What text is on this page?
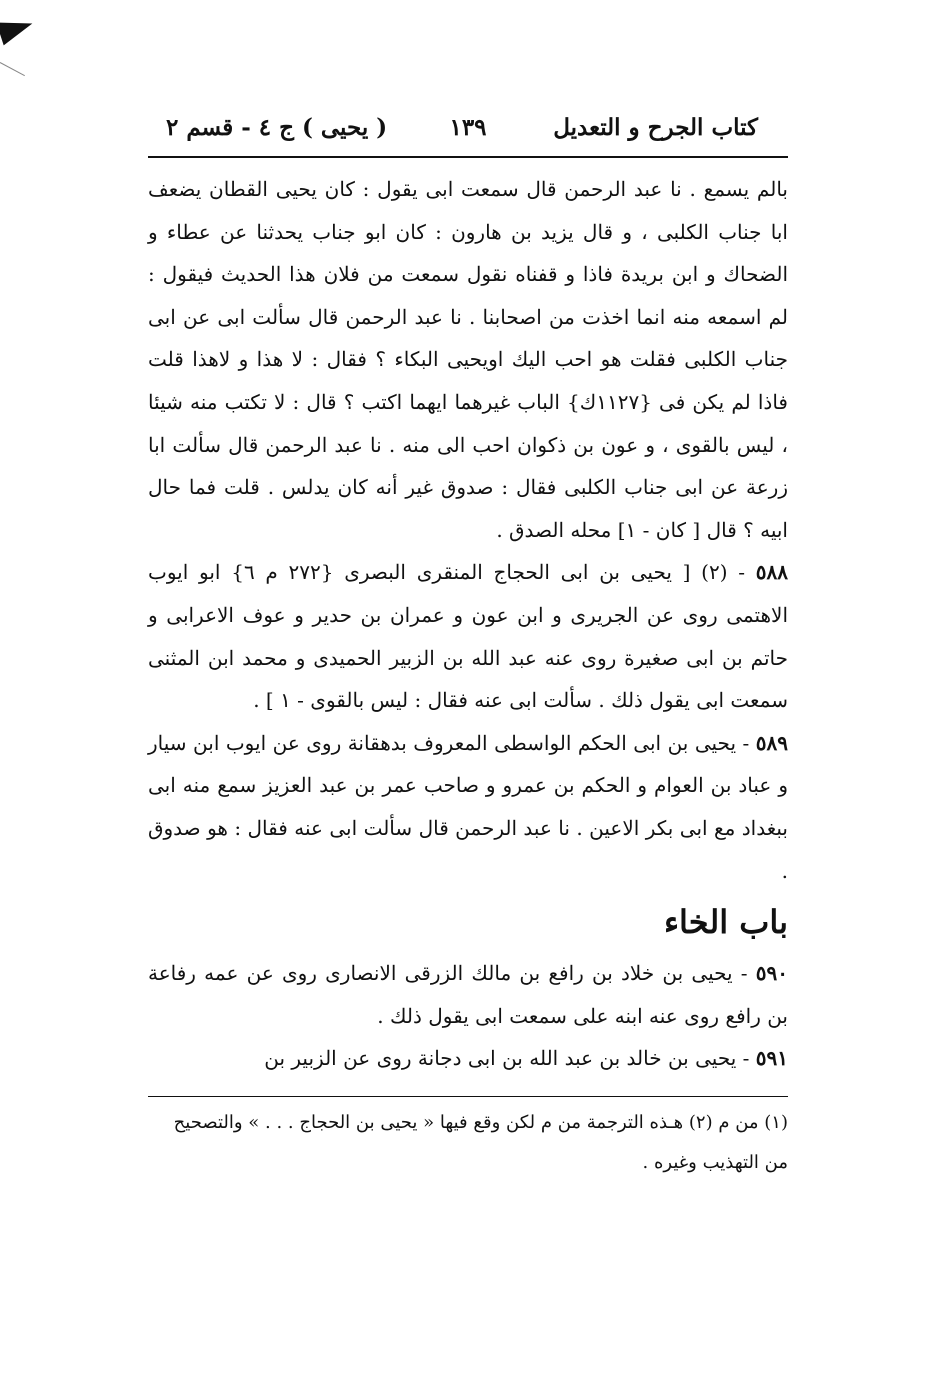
كتاب الجرح و التعديل
١٣٩
( يحيى ) ج ٤ - قسم ٢

بالم يسمع . نا عبد الرحمن قال سمعت ابى يقول : كان يحيى القطان يضعف ابا جناب الكلبى ، و قال يزيد بن هارون : كان ابو جناب يحدثنا عن عطاء و الضحاك و ابن بريدة فاذا و قفناه نقول سمعت من فلان هذا الحديث فيقول : لم اسمعه منه انما اخذت من اصحابنا . نا عبد الرحمن قال سألت ابى عن ابى جناب الكلبى فقلت هو احب اليك اويحيى البكاء ؟ فقال : لا هذا و لاهذا قلت فاذا لم يكن فى {١١٢٧ك} الباب غيرهما ايهما اكتب ؟ قال : لا تكتب منه شيئا ، ليس بالقوى ، و عون بن ذكوان احب الى منه . نا عبد الرحمن قال سألت ابا زرعة عن ابى جناب الكلبى فقال : صدوق غير أنه كان يدلس . قلت فما حال ابيه ؟ قال [ كان - ١] محله الصدق .

٥٨٨ - (٢) [ يحيى بن ابى الحجاج المنقرى البصرى {٢٧٢ م ٦} ابو ايوب الاهتمى روى عن الجريرى و ابن عون و عمران بن حدير و عوف الاعرابى و حاتم بن ابى صغيرة روى عنه عبد الله بن الزبير الحميدى و محمد ابن المثنى سمعت ابى يقول ذلك . سألت ابى عنه فقال : ليس بالقوى - ١ ] .

٥٨٩ - يحيى بن ابى الحكم الواسطى المعروف بدهقانة روى عن ايوب ابن سيار و عباد بن العوام و الحكم بن عمرو و صاحب عمر بن عبد العزيز سمع منه ابى ببغداد مع ابى بكر الاعين . نا عبد الرحمن قال سألت ابى عنه فقال : هو صدوق .

باب الخاء

٥٩٠ - يحيى بن خلاد بن رافع بن مالك الزرقى الانصارى روى عن عمه رفاعة بن رافع روى عنه ابنه على سمعت ابى يقول ذلك .

٥٩١ - يحيى بن خالد بن عبد الله بن ابى دجانة روى عن الزبير بن

(١) من م (٢) هـذه الترجمة من م لكن وقع فيها « يحيى بن الحجاج . . . » والتصحيح من التهذيب وغيره .
